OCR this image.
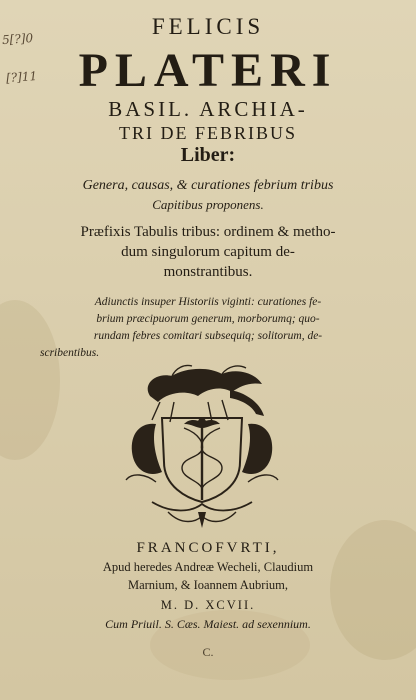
5[?]0
[?]11
FELICIS
PLATERI
BASIL. ARCHIA-
TRI DE FEBRIBUS
Liber:
Genera, causas, & curationes febrium tribus
Capitibus proponens.
Præfixis Tabulis tribus: ordinem & metho-
dum singulorum capitum de-
monstrantibus.
Adiunctis insuper Historiis viginti: curationes fe-
brium præcipuorum generum, morborumq; quo-
rundam febres comitari subsequiq; solitorum, de-
scribentibus.
FRANCOFVRTI,
Apud heredes Andreæ Wecheli, Claudium
Marnium, & Ioannem Aubrium,
M. D. XCVII.
Cum Priuil. S. Cæs. Maiest. ad sexennium.
C.
